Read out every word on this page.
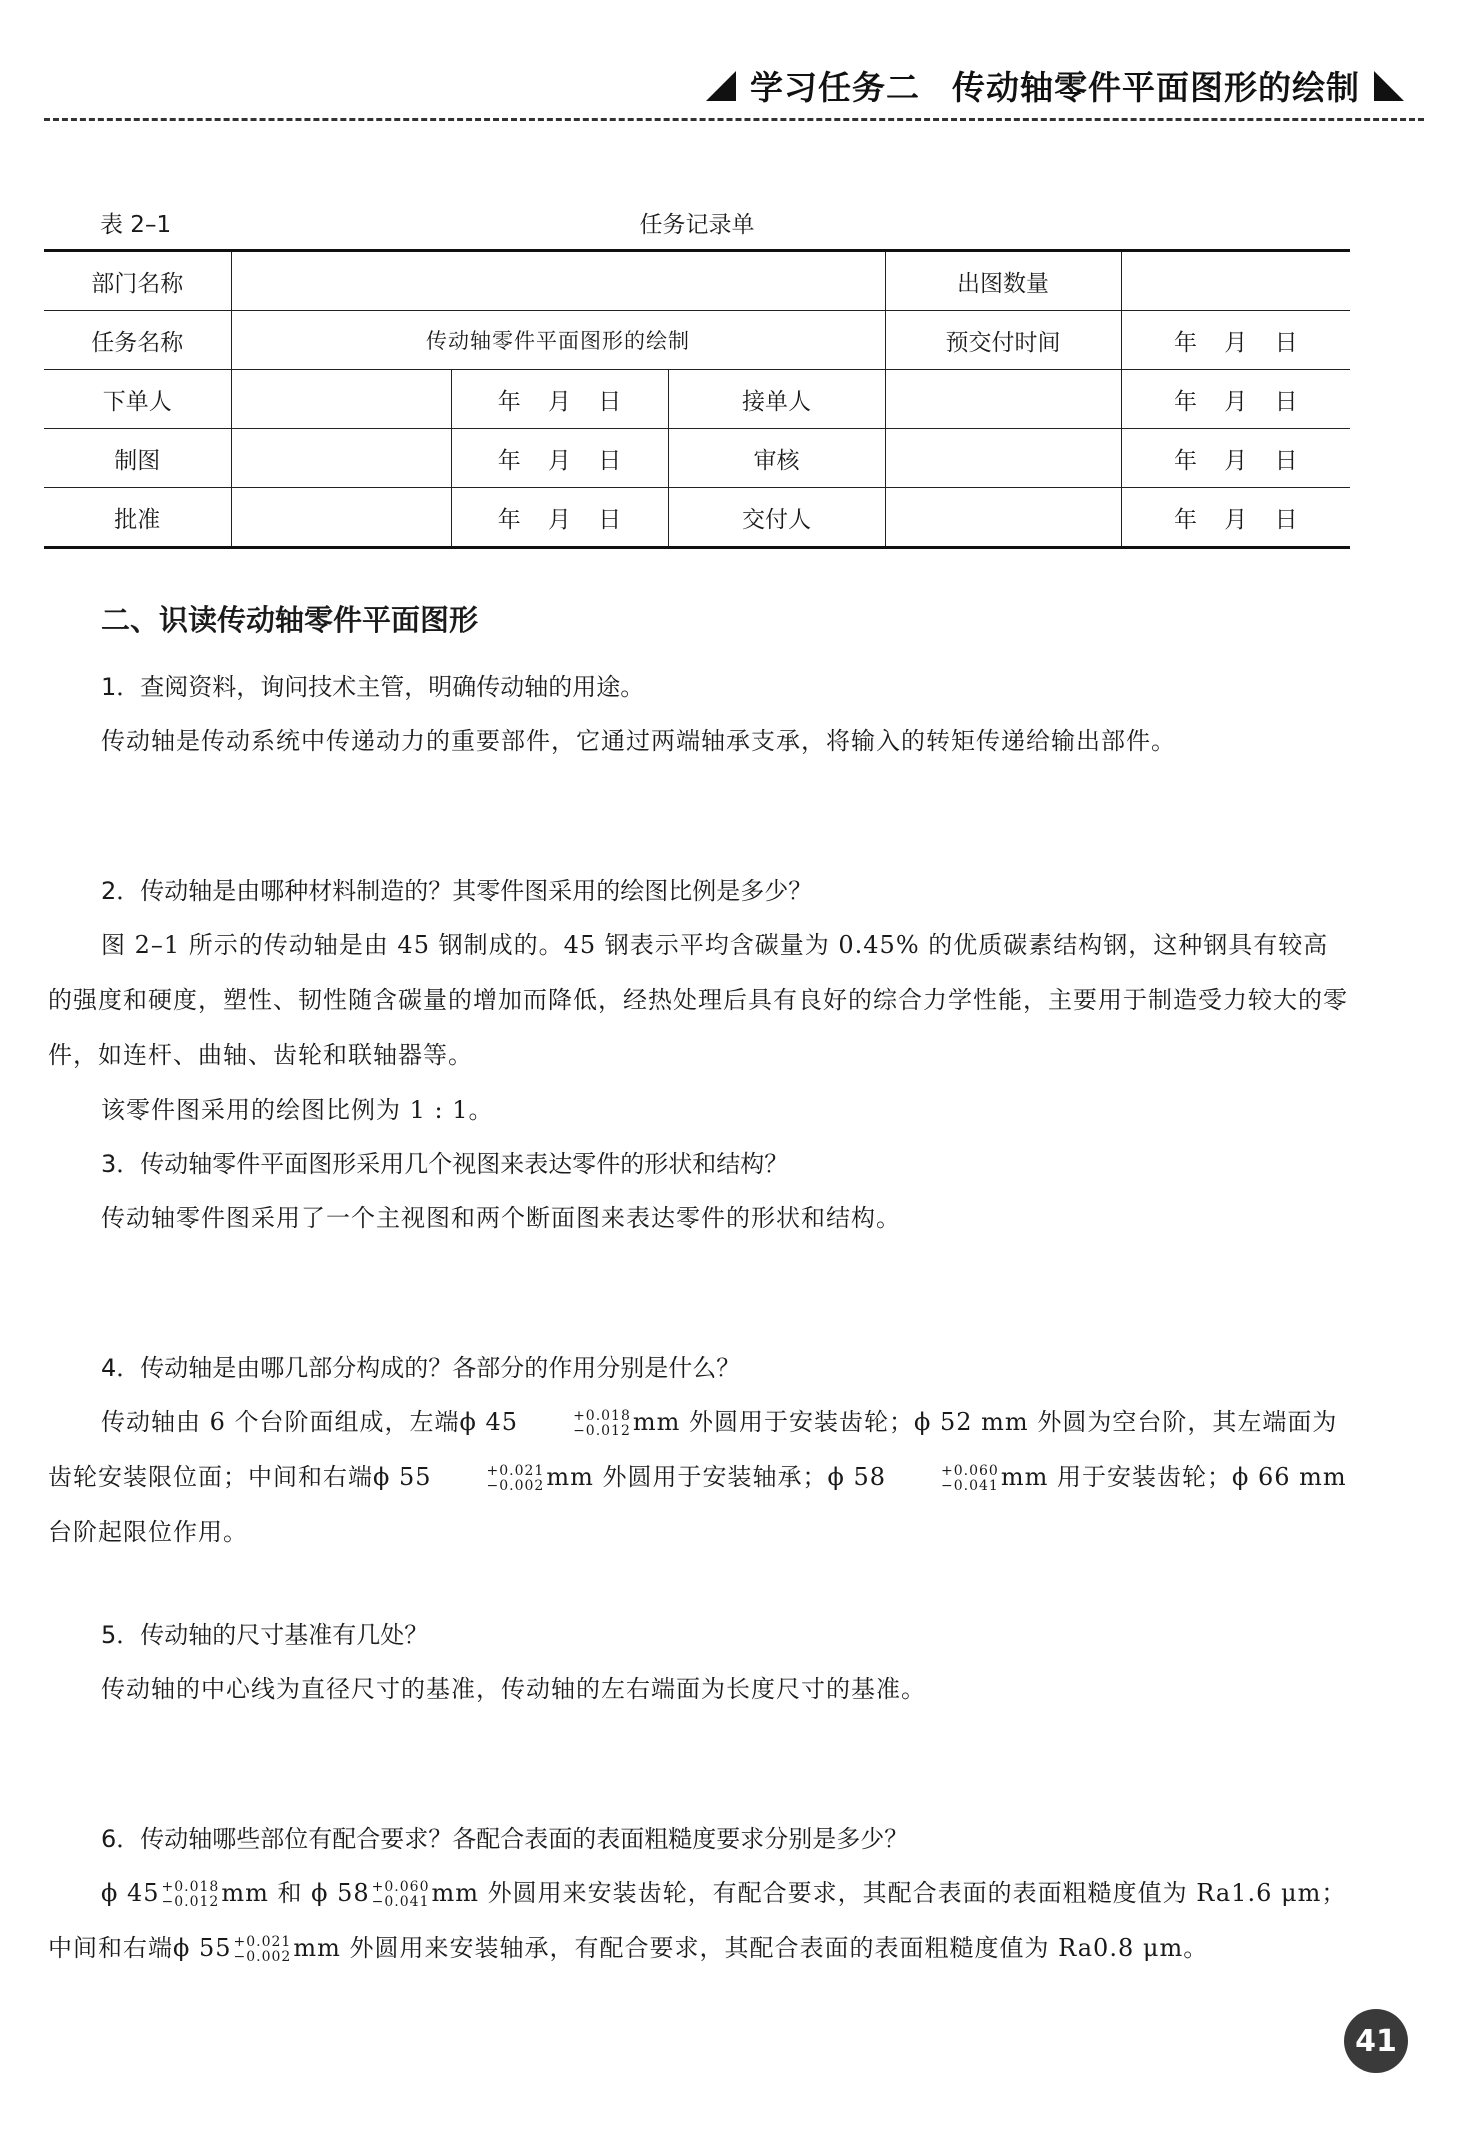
学习任务二 传动轴零件平面图形的绘制
表 2–1	任务记录单
部门名称				出图数量	
任务名称	传动轴零件平面图形的绘制			预交付时间	年 月 日
下单人		年 月 日	接单人		年 月 日
制图		年 月 日	审核		年 月 日
批准		年 月 日	交付人		年 月 日
二、识读传动轴零件平面图形
1．查阅资料，询问技术主管，明确传动轴的用途。
传动轴是传动系统中传递动力的重要部件，它通过两端轴承支承，将输入的转矩传递给输出部件。
2．传动轴是由哪种材料制造的？其零件图采用的绘图比例是多少？
图 2–1 所示的传动轴是由 45 钢制成的。45 钢表示平均含碳量为 0.45% 的优质碳素结构钢，这种钢具有较高的强度和硬度，塑性、韧性随含碳量的增加而降低，经热处理后具有良好的综合力学性能，主要用于制造受力较大的零件，如连杆、曲轴、齿轮和联轴器等。
该零件图采用的绘图比例为 1 : 1。
3．传动轴零件平面图形采用几个视图来表达零件的形状和结构？
传动轴零件图采用了一个主视图和两个断面图来表达零件的形状和结构。
4．传动轴是由哪几部分构成的？各部分的作用分别是什么？
传动轴由 6 个台阶面组成，左端ϕ 45	+0.018
−0.012 mm 外圆用于安装齿轮；ϕ 52 mm 外圆为空台阶，其左端面为齿轮安装限位面；中间和右端ϕ 55	+0.021
−0.002 mm 外圆用于安装轴承；ϕ 58	+0.060
−0.041 mm 用于安装齿轮；ϕ 66 mm 台阶起限位作用。
5．传动轴的尺寸基准有几处？
传动轴的中心线为直径尺寸的基准，传动轴的左右端面为长度尺寸的基准。
6．传动轴哪些部位有配合要求？各配合表面的表面粗糙度要求分别是多少？
ϕ 45 +0.018
−0.012 mm 和 ϕ 58 +0.060
−0.041 mm 外圆用来安装齿轮，有配合要求，其配合表面的表面粗糙度值为 Ra1.6 μm；
中间和右端ϕ 55 +0.021
−0.002 mm 外圆用来安装轴承，有配合要求，其配合表面的表面粗糙度值为 Ra0.8 μm。
41
